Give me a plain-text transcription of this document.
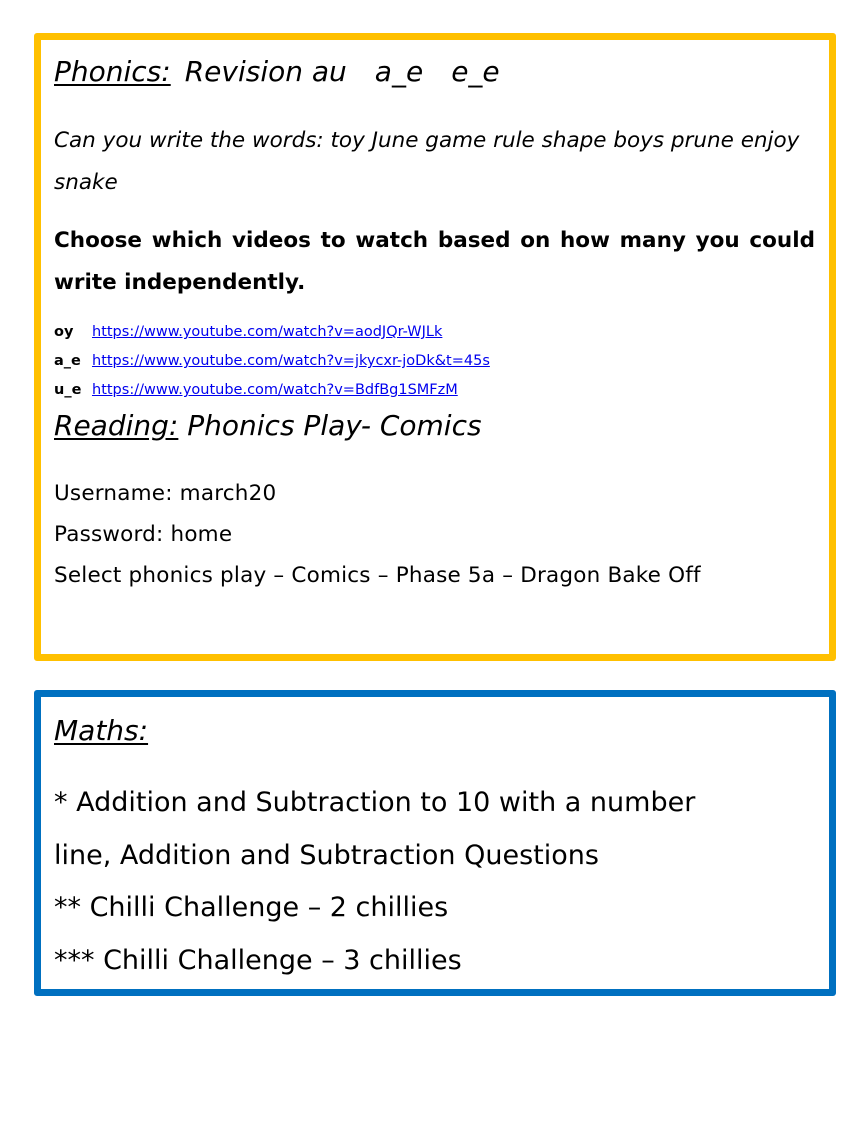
Phonics: Revision au a_e e_e
Can you write the words: toy June game rule shape boys prune enjoy snake
Choose which videos to watch based on how many you could write independently.
oy https://www.youtube.com/watch?v=aodJQr-WJLk
a_e https://www.youtube.com/watch?v=jkycxr-joDk&t=45s
u_e https://www.youtube.com/watch?v=BdfBg1SMFzM
Reading: Phonics Play- Comics
Username: march20
Password: home
Select phonics play – Comics – Phase 5a – Dragon Bake Off
Maths:
* Addition and Subtraction to 10 with a number
line, Addition and Subtraction Questions
** Chilli Challenge – 2 chillies
*** Chilli Challenge – 3 chillies
